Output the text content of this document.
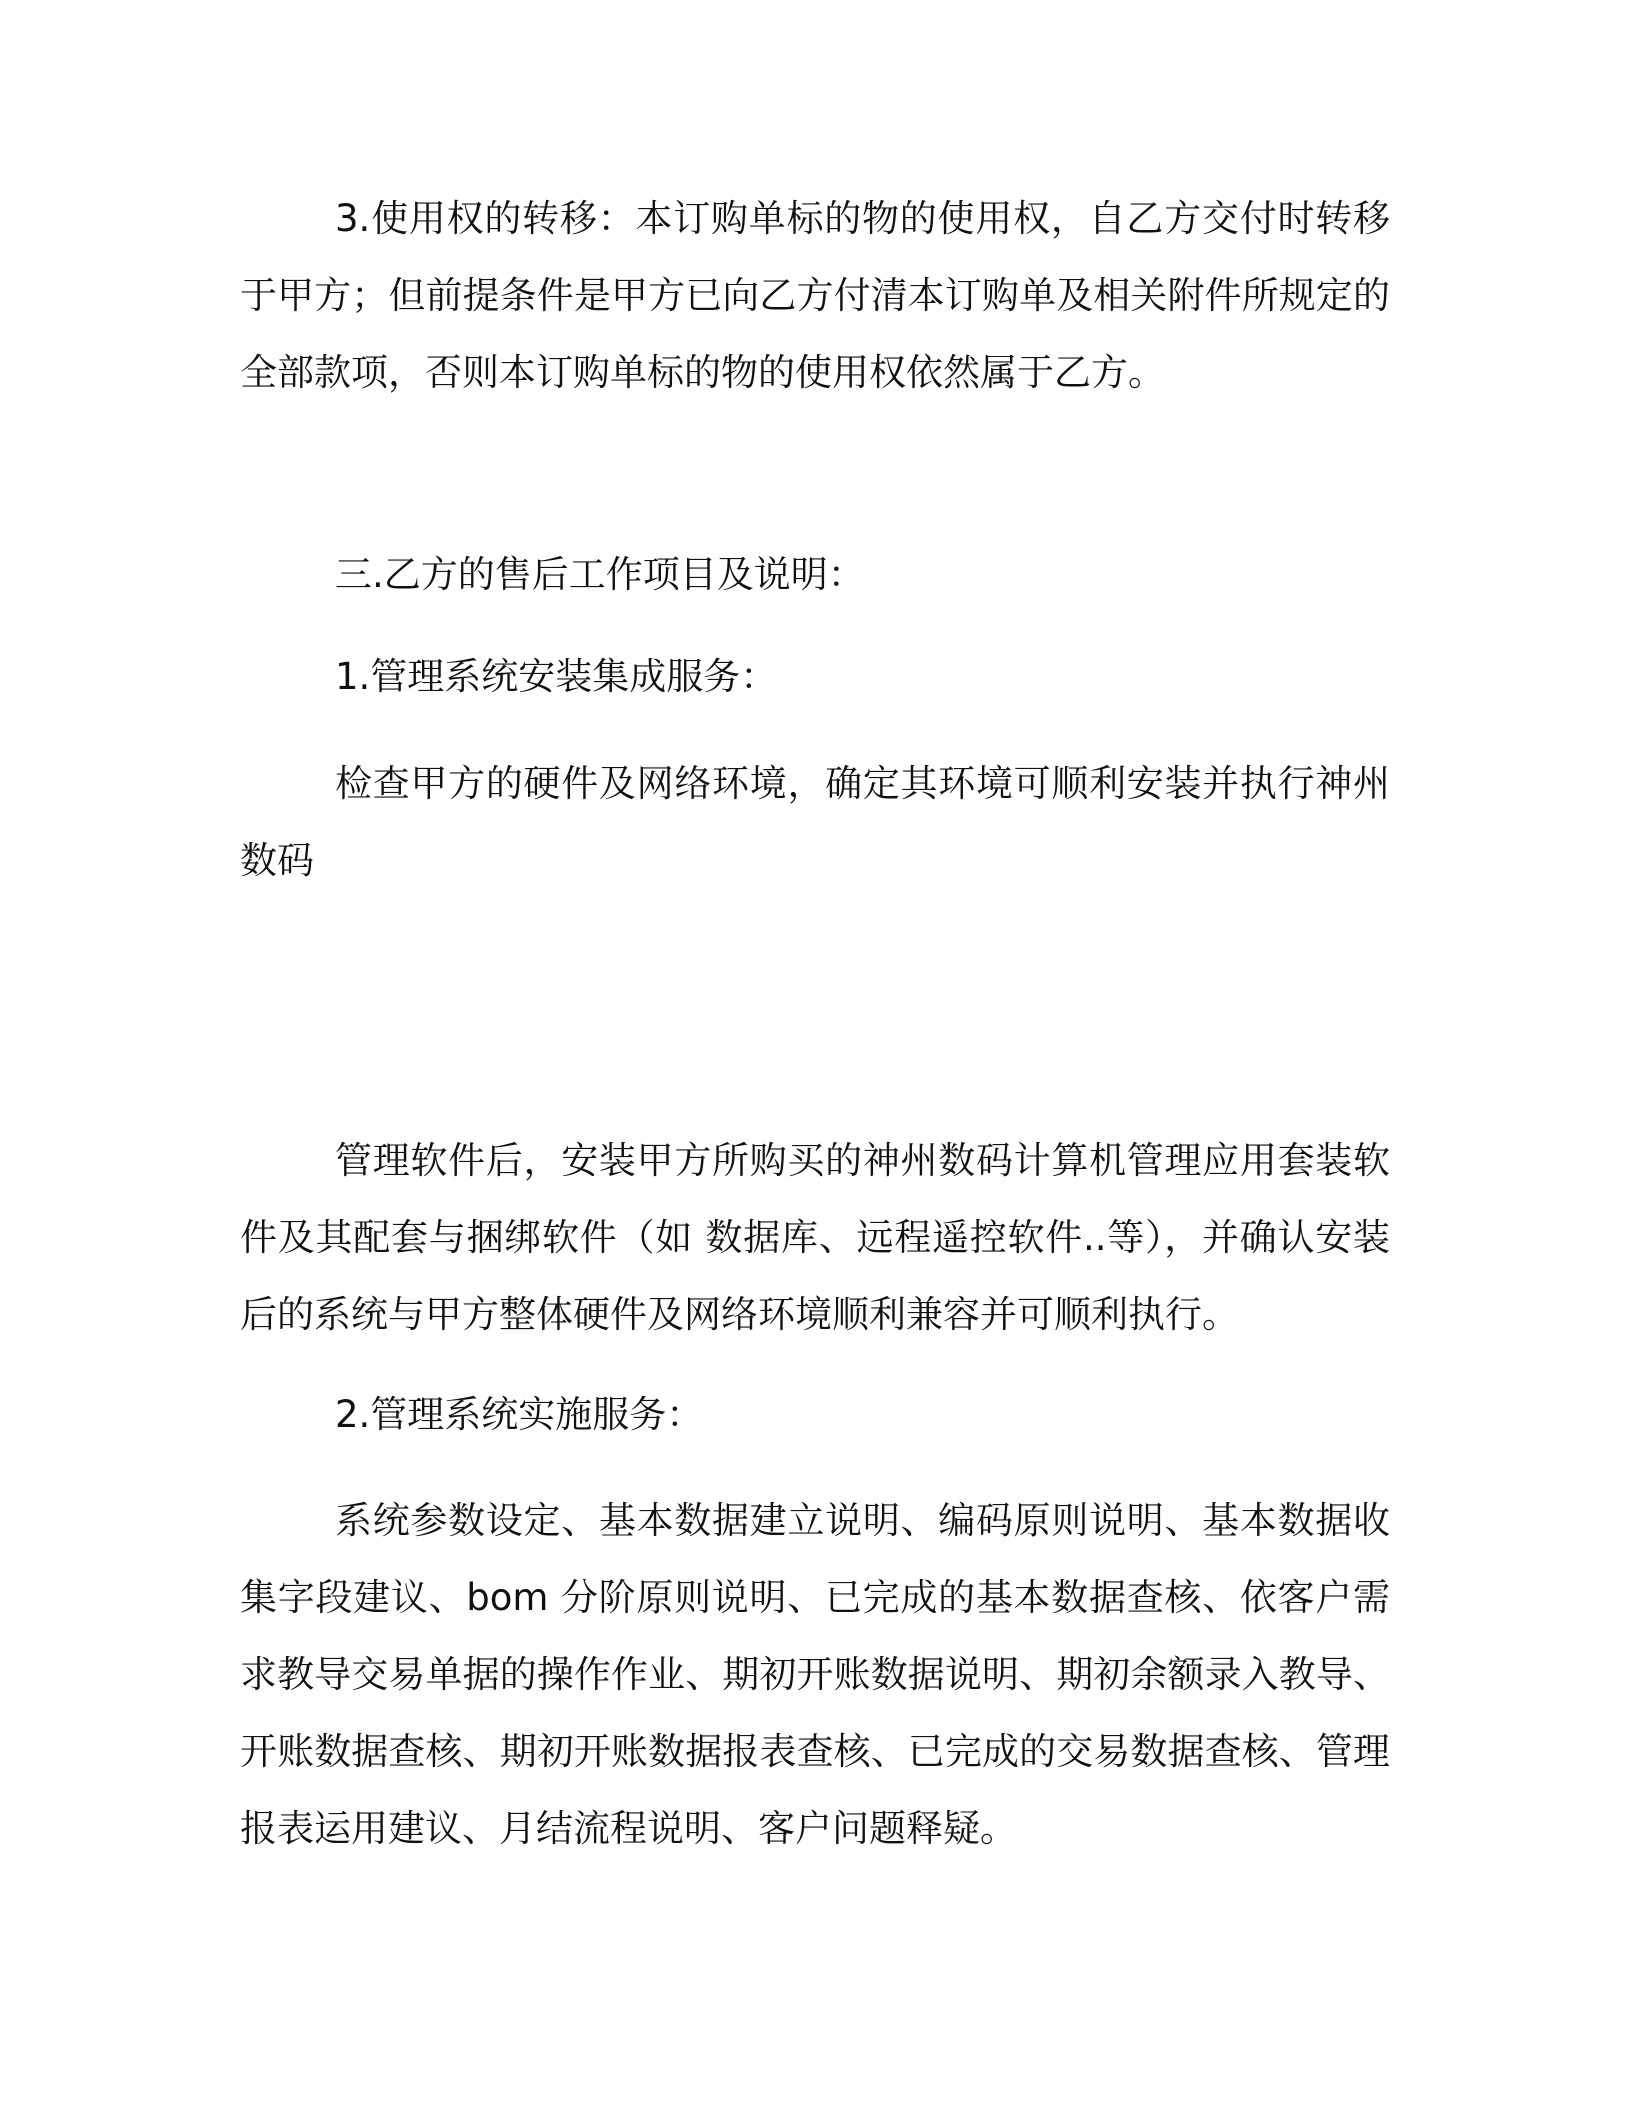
3.使用权的转移：本订购单标的物的使用权，自乙方交付时转移于甲方；但前提条件是甲方已向乙方付清本订购单及相关附件所规定的全部款项，否则本订购单标的物的使用权依然属于乙方。

三.乙方的售后工作项目及说明：

1.管理系统安装集成服务：

检查甲方的硬件及网络环境，确定其环境可顺利安装并执行神州数码

管理软件后，安装甲方所购买的神州数码计算机管理应用套装软件及其配套与捆绑软件（如 数据库、远程遥控软件..等），并确认安装后的系统与甲方整体硬件及网络环境顺利兼容并可顺利执行。

2.管理系统实施服务：

系统参数设定、基本数据建立说明、编码原则说明、基本数据收集字段建议、bom 分阶原则说明、已完成的基本数据查核、依客户需求教导交易单据的操作作业、期初开账数据说明、期初余额录入教导、开账数据查核、期初开账数据报表查核、已完成的交易数据查核、管理报表运用建议、月结流程说明、客户问题释疑。
